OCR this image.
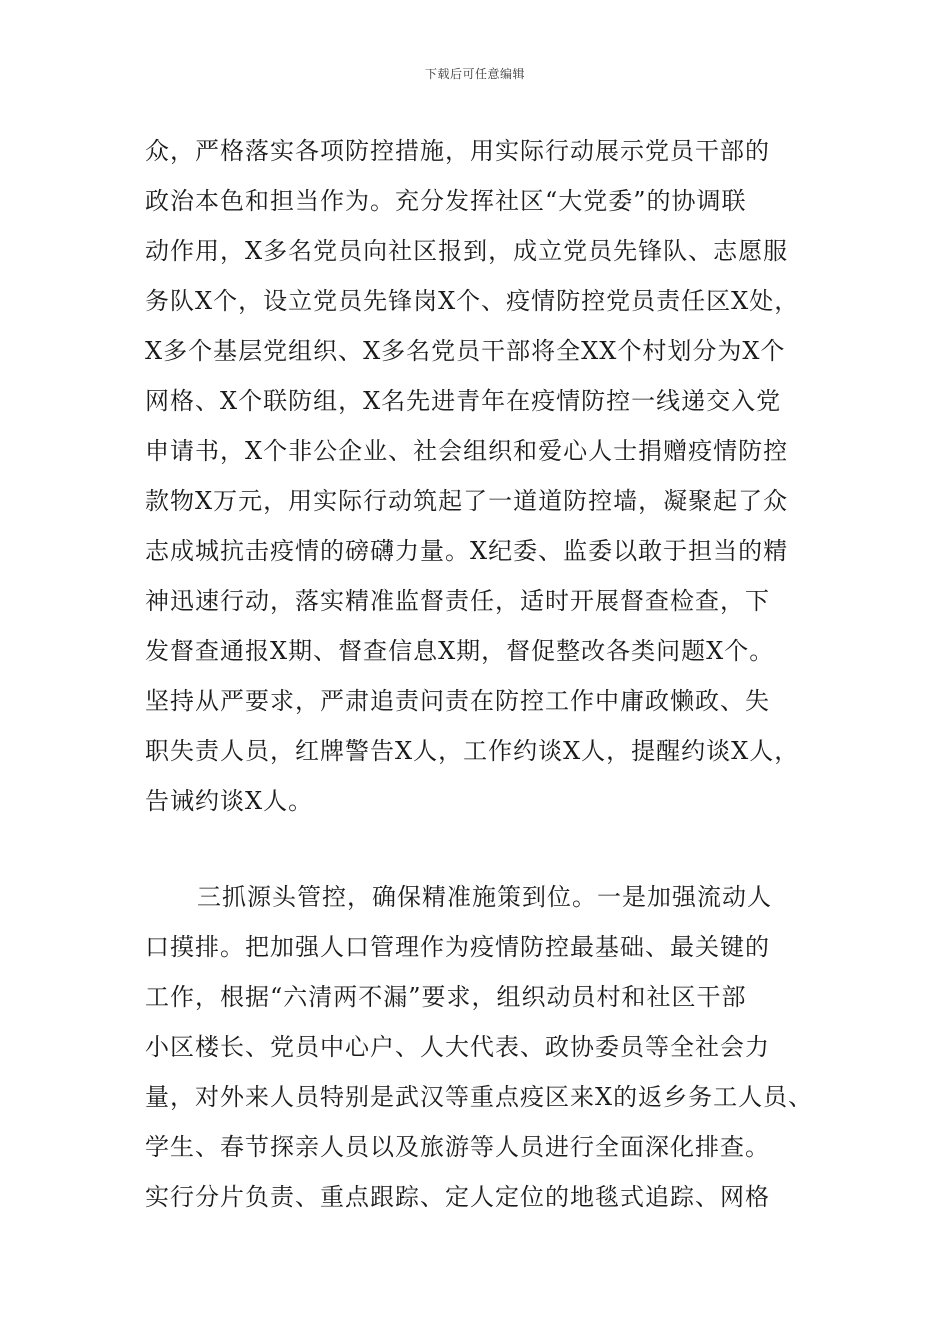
下载后可任意编辑
众，严格落实各项防控措施，用实际行动展示党员干部的
政治本色和担当作为。充分发挥社区“大党委”的协调联
动作用，X多名党员向社区报到，成立党员先锋队、志愿服
务队X个，设立党员先锋岗X个、疫情防控党员责任区X处，
X多个基层党组织、X多名党员干部将全XX个村划分为X个
网格、X个联防组，X名先进青年在疫情防控一线递交入党
申请书，X个非公企业、社会组织和爱心人士捐赠疫情防控
款物X万元，用实际行动筑起了一道道防控墙，凝聚起了众
志成城抗击疫情的磅礴力量。X纪委、监委以敢于担当的精
神迅速行动，落实精准监督责任，适时开展督查检查，下
发督查通报X期、督查信息X期，督促整改各类问题X个。
坚持从严要求，严肃追责问责在防控工作中庸政懒政、失
职失责人员，红牌警告X人，工作约谈X人，提醒约谈X人，
告诫约谈X人。
三抓源头管控，确保精准施策到位。一是加强流动人
口摸排。把加强人口管理作为疫情防控最基础、最关键的
工作，根据“六清两不漏”要求，组织动员村和社区干部
小区楼长、党员中心户、人大代表、政协委员等全社会力
量，对外来人员特别是武汉等重点疫区来X的返乡务工人员、
学生、春节探亲人员以及旅游等人员进行全面深化排查。
实行分片负责、重点跟踪、定人定位的地毯式追踪、网格
